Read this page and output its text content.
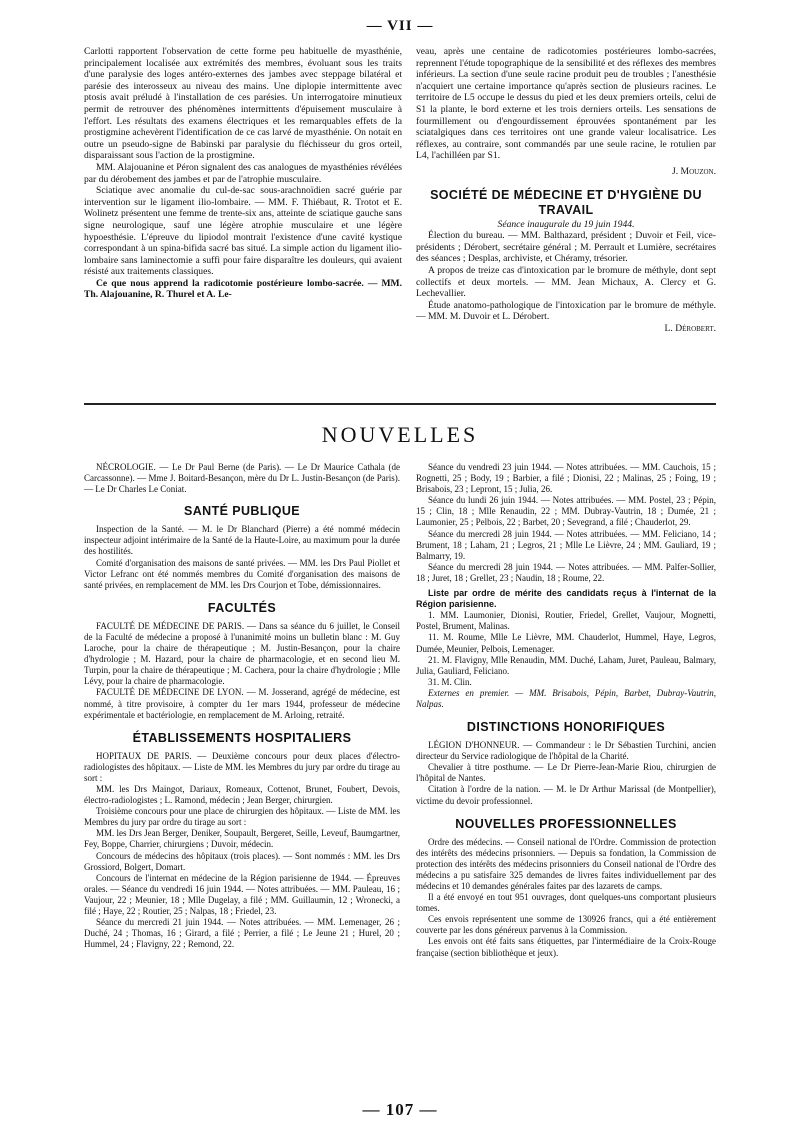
— VII —

Carlotti rapportent l'observation de cette forme peu habituelle de myasthénie, principalement localisée aux extrémités des membres, évoluant sous les traits d'une paralysie des loges antéro-externes des jambes avec steppage bilatéral et parésie des interosseux au niveau des mains. Une diplopie intermittente avec ptosis avait préludé à l'installation de ces parésies. Un interrogatoire minutieux permit de retrouver des phénomènes intermittents d'épuisement musculaire à l'effort. Les résultats des examens électriques et les remarquables effets de la prostigmine achevèrent l'identification de ce cas larvé de myasthénie. On notait en outre un pseudo-signe de Babinski par paralysie du fléchisseur du gros orteil, disparaissant sous l'action de la prostigmine.

MM. Alajouanine et Péron signalent des cas analogues de myasthénies révélées par du dérobement des jambes et par de l'atrophie musculaire.

Sciatique avec anomalie du cul-de-sac sous-arachnoïdien sacré guérie par intervention sur le ligament ilio-lombaire. — MM. F. Thiébaut, R. Trotot et E. Wolinetz présentent une femme de trente-six ans, atteinte de sciatique gauche sans signe neurologique, sauf une légère atrophie musculaire et une légère hypoesthésie. L'épreuve du lipiodol montrait l'existence d'une cavité kystique correspondant à un spina-bifida sacré bas situé. La simple action du ligament ilio-lombaire sans laminectomie a suffi pour faire disparaître les douleurs, qui avaient résisté aux traitements classiques.

Ce que nous apprend la radicotomie postérieure lombo-sacrée. — MM. Th. Alajouanine, R. Thurel et A. Le-

veau, après une centaine de radicotomies postérieures lombo-sacrées, reprennent l'étude topographique de la sensibilité et des réflexes des membres inférieurs. La section d'une seule racine produit peu de troubles ; l'anesthésie n'acquiert une certaine importance qu'après section de plusieurs racines. Le territoire de L5 occupe le dessus du pied et les deux premiers orteils, celui de S1 la plante, le bord externe et les trois derniers orteils. Les sensations de fourmillement ou d'engourdissement éprouvées spontanément par les sciatalgiques dans ces territoires ont une grande valeur localisatrice. Les réflexes, au contraire, sont commandés par une seule racine, le rotulien par L4, l'achilléen par S1.

J. Mouzon.

SOCIÉTÉ DE MÉDECINE ET D'HYGIÈNE DU TRAVAIL

Séance inaugurale du 19 juin 1944.

Élection du bureau. — MM. Balthazard, président ; Duvoir et Feil, vice-présidents ; Dérobert, secrétaire général ; M. Perrault et Lumière, secrétaires des séances ; Desplas, archiviste, et Chéramy, trésorier.

A propos de treize cas d'intoxication par le bromure de méthyle, dont sept collectifs et deux mortels. — MM. Jean Michaux, A. Clercy et G. Lechevallier.

Étude anatomo-pathologique de l'intoxication par le bromure de méthyle. — MM. M. Duvoir et L. Dérobert.

L. Dérobert.

NOUVELLES

NÉCROLOGIE. — Le Dr Paul Berne (de Paris). — Le Dr Maurice Cathala (de Carcassonne). — Mme J. Boitard-Besançon, mère du Dr L. Justin-Besançon (de Paris). — Le Dr Charles Le Coniat.

SANTÉ PUBLIQUE

Inspection de la Santé. — M. le Dr Blanchard (Pierre) a été nommé médecin inspecteur adjoint intérimaire de la Santé de la Haute-Loire, au maximum pour la durée des hostilités.

Comité d'organisation des maisons de santé privées. — MM. les Drs Paul Piollet et Victor Lefranc ont été nommés membres du Comité d'organisation des maisons de santé privées, en remplacement de MM. les Drs Courjon et Tobe, démissionnaires.

FACULTÉS

FACULTÉ DE MÉDECINE DE PARIS. — Dans sa séance du 6 juillet, le Conseil de la Faculté de médecine a proposé à l'unanimité moins un bulletin blanc : M. Guy Laroche, pour la chaire de thérapeutique ; M. Justin-Besançon, pour la chaire d'hydrologie ; M. Hazard, pour la chaire de pharmacologie, et en second lieu M. Turpin, pour la chaire de thérapeutique ; M. Cachera, pour la chaire d'hydrologie ; Mlle Lévy, pour la chaire de pharmacologie.

FACULTÉ DE MÉDECINE DE LYON. — M. Josserand, agrégé de médecine, est nommé, à titre provisoire, à compter du 1er mars 1944, professeur de médecine expérimentale et bactériologie, en remplacement de M. Arloing, retraité.

ÉTABLISSEMENTS HOSPITALIERS

HOPITAUX DE PARIS. — Deuxième concours pour deux places d'électro-radiologistes des hôpitaux. — Liste de MM. les Membres du jury par ordre du tirage au sort :

MM. les Drs Maingot, Dariaux, Romeaux, Cottenot, Brunet, Foubert, Devois, électro-radiologistes ; L. Ramond, médecin ; Jean Berger, chirurgien.

Troisième concours pour une place de chirurgien des hôpitaux. — Liste de MM. les Membres du jury par ordre du tirage au sort :

MM. les Drs Jean Berger, Deniker, Soupault, Bergeret, Seille, Leveuf, Baumgartner, Fey, Boppe, Charrier, chirurgiens ; Duvoir, médecin.

Concours de médecins des hôpitaux (trois places). — Sont nommés : MM. les Drs Grossiord, Bolgert, Domart.

Concours de l'internat en médecine de la Région parisienne de 1944. — Épreuves orales. — Séance du vendredi 16 juin 1944. — Notes attribuées. — MM. Pauleau, 16 ; Vaujour, 22 ; Meunier, 18 ; Mlle Dugelay, a filé ; MM. Guillaumin, 12 ; Wronecki, a filé ; Haye, 22 ; Routier, 25 ; Nalpas, 18 ; Friedel, 23.

Séance du mercredi 21 juin 1944. — Notes attribuées. — MM. Lemenager, 26 ; Duché, 24 ; Thomas, 16 ; Girard, a filé ; Perrier, a filé ; Le Jeune 21 ; Hurel, 20 ; Hummel, 24 ; Flavigny, 22 ; Remond, 22.

Séance du vendredi 23 juin 1944. — Notes attribuées. — MM. Cauchois, 15 ; Rognetti, 25 ; Body, 19 ; Barbier, a filé ; Dionisi, 22 ; Malinas, 25 ; Foing, 19 ; Brisabois, 23 ; Lepront, 15 ; Julia, 26.

Séance du lundi 26 juin 1944. — Notes attribuées. — MM. Postel, 23 ; Pépin, 15 ; Clin, 18 ; Mlle Renaudin, 22 ; MM. Dubray-Vautrin, 18 ; Dumée, 21 ; Laumonier, 25 ; Pelbois, 22 ; Barbet, 20 ; Sevegrand, a filé ; Chauderlot, 29.

Séance du mercredi 28 juin 1944. — Notes attribuées. — MM. Feliciano, 14 ; Brument, 18 ; Laham, 21 ; Legros, 21 ; Mlle Le Lièvre, 24 ; MM. Gauliard, 19 ; Balmarry, 19.

Séance du mercredi 28 juin 1944. — Notes attribuées. — MM. Palfer-Sollier, 18 ; Juret, 18 ; Grellet, 23 ; Naudin, 18 ; Roume, 22.

Liste par ordre de mérite des candidats reçus à l'internat de la Région parisienne.

1. MM. Laumonier, Dionisi, Routier, Friedel, Grellet, Vaujour, Mognetti, Postel, Brument, Malinas.

11. M. Roume, Mlle Le Lièvre, MM. Chauderlot, Hummel, Haye, Legros, Dumée, Meunier, Pelbois, Lemenager.

21. M. Flavigny, Mlle Renaudin, MM. Duché, Laham, Juret, Pauleau, Balmary, Julia, Gauliard, Feliciano.

31. M. Clin.

Externes en premier. — MM. Brisabois, Pépin, Barbet, Dubray-Vautrin, Nalpas.

DISTINCTIONS HONORIFIQUES

LÉGION D'HONNEUR. — Commandeur : le Dr Sébastien Turchini, ancien directeur du Service radiologique de l'hôpital de la Charité.

Chevalier à titre posthume. — Le Dr Pierre-Jean-Marie Riou, chirurgien de l'hôpital de Nantes.

Citation à l'ordre de la nation. — M. le Dr Arthur Marissal (de Montpellier), victime du devoir professionnel.

NOUVELLES PROFESSIONNELLES

Ordre des médecins. — Conseil national de l'Ordre. Commission de protection des intérêts des médecins prisonniers. — Depuis sa fondation, la Commission de protection des intérêts des médecins prisonniers du Conseil national de l'Ordre des médecins a pu satisfaire 325 demandes de livres faites individuellement par des médecins et 10 demandes générales faites par des lazarets de camps.

Il a été envoyé en tout 951 ouvrages, dont quelques-uns comportant plusieurs tomes.

Ces envois représentent une somme de 130926 francs, qui a été entièrement couverte par les dons généreux parvenus à la Commission.

Les envois ont été faits sans étiquettes, par l'intermédiaire de la Croix-Rouge française (section bibliothèque et jeux).

— 107 —
